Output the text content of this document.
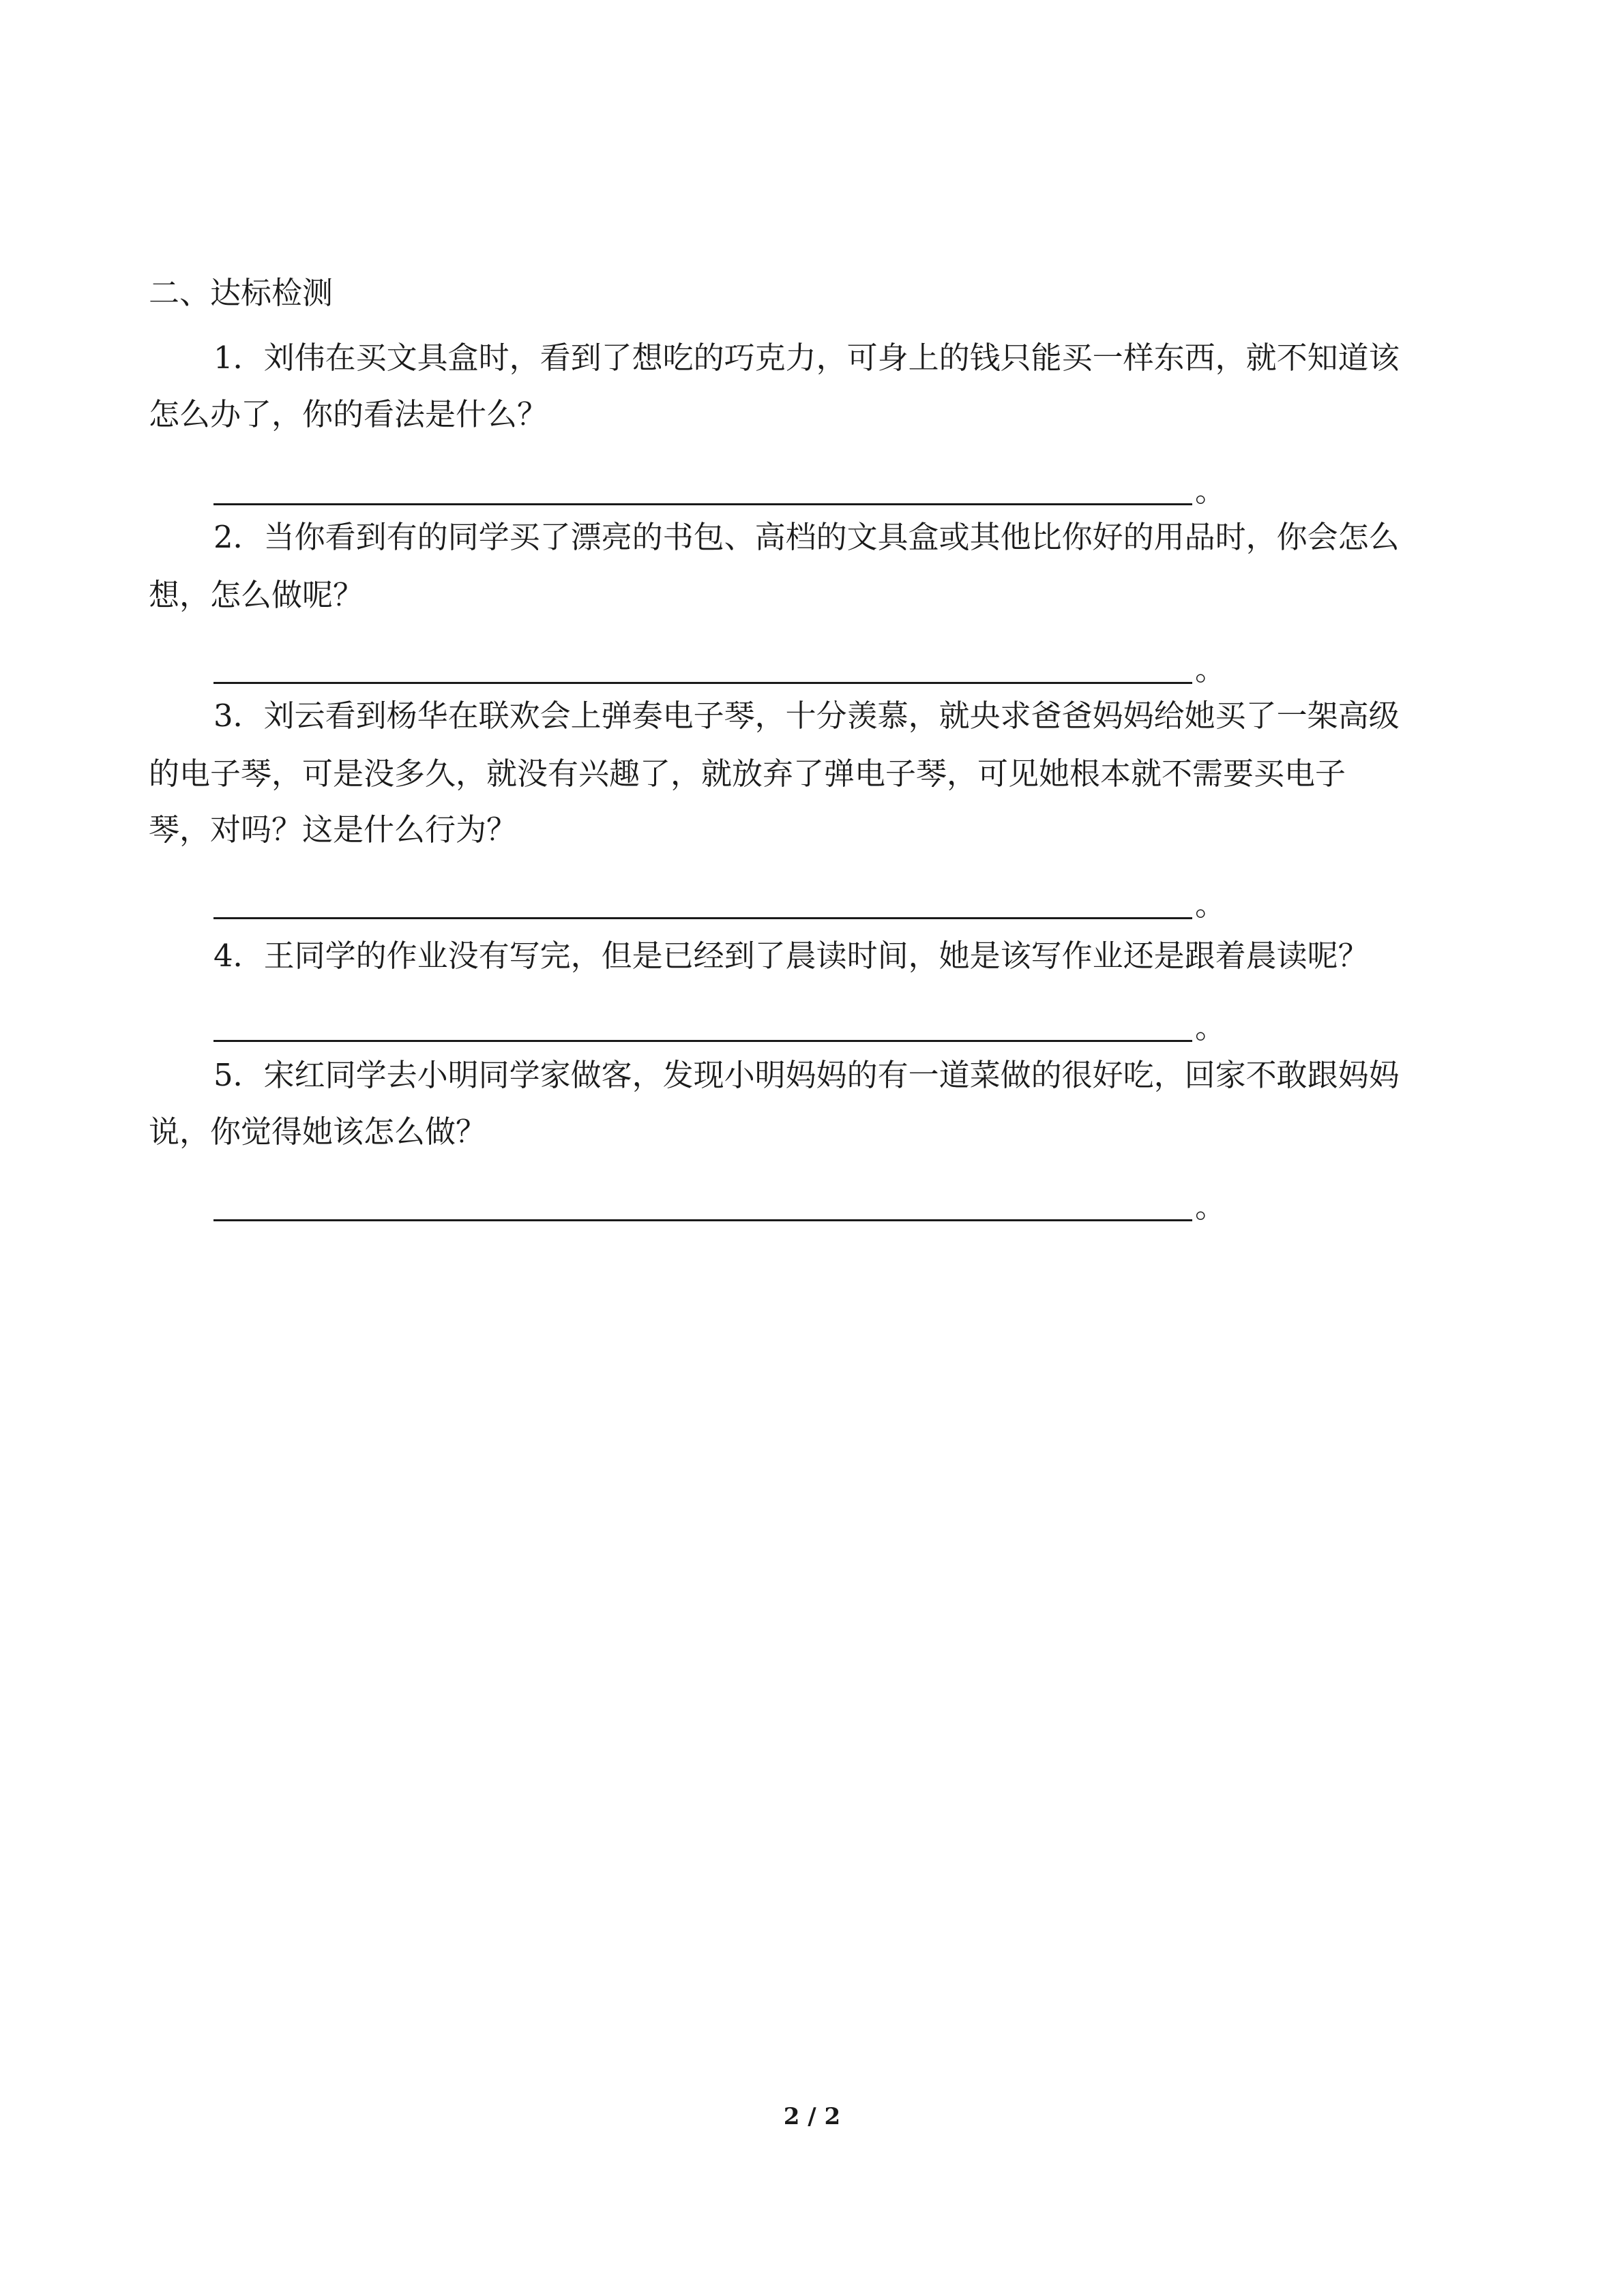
二、达标检测
1．刘伟在买文具盒时，看到了想吃的巧克力，可身上的钱只能买一样东西，就不知道该
怎么办了，你的看法是什么？
。
2．当你看到有的同学买了漂亮的书包、高档的文具盒或其他比你好的用品时，你会怎么
想，怎么做呢？
。
3．刘云看到杨华在联欢会上弹奏电子琴，十分羡慕，就央求爸爸妈妈给她买了一架高级
的电子琴，可是没多久，就没有兴趣了，就放弃了弹电子琴，可见她根本就不需要买电子
琴，对吗？这是什么行为？
。
4．王同学的作业没有写完，但是已经到了晨读时间，她是该写作业还是跟着晨读呢？
。
5．宋红同学去小明同学家做客，发现小明妈妈的有一道菜做的很好吃，回家不敢跟妈妈
说，你觉得她该怎么做？
。
2 / 2
